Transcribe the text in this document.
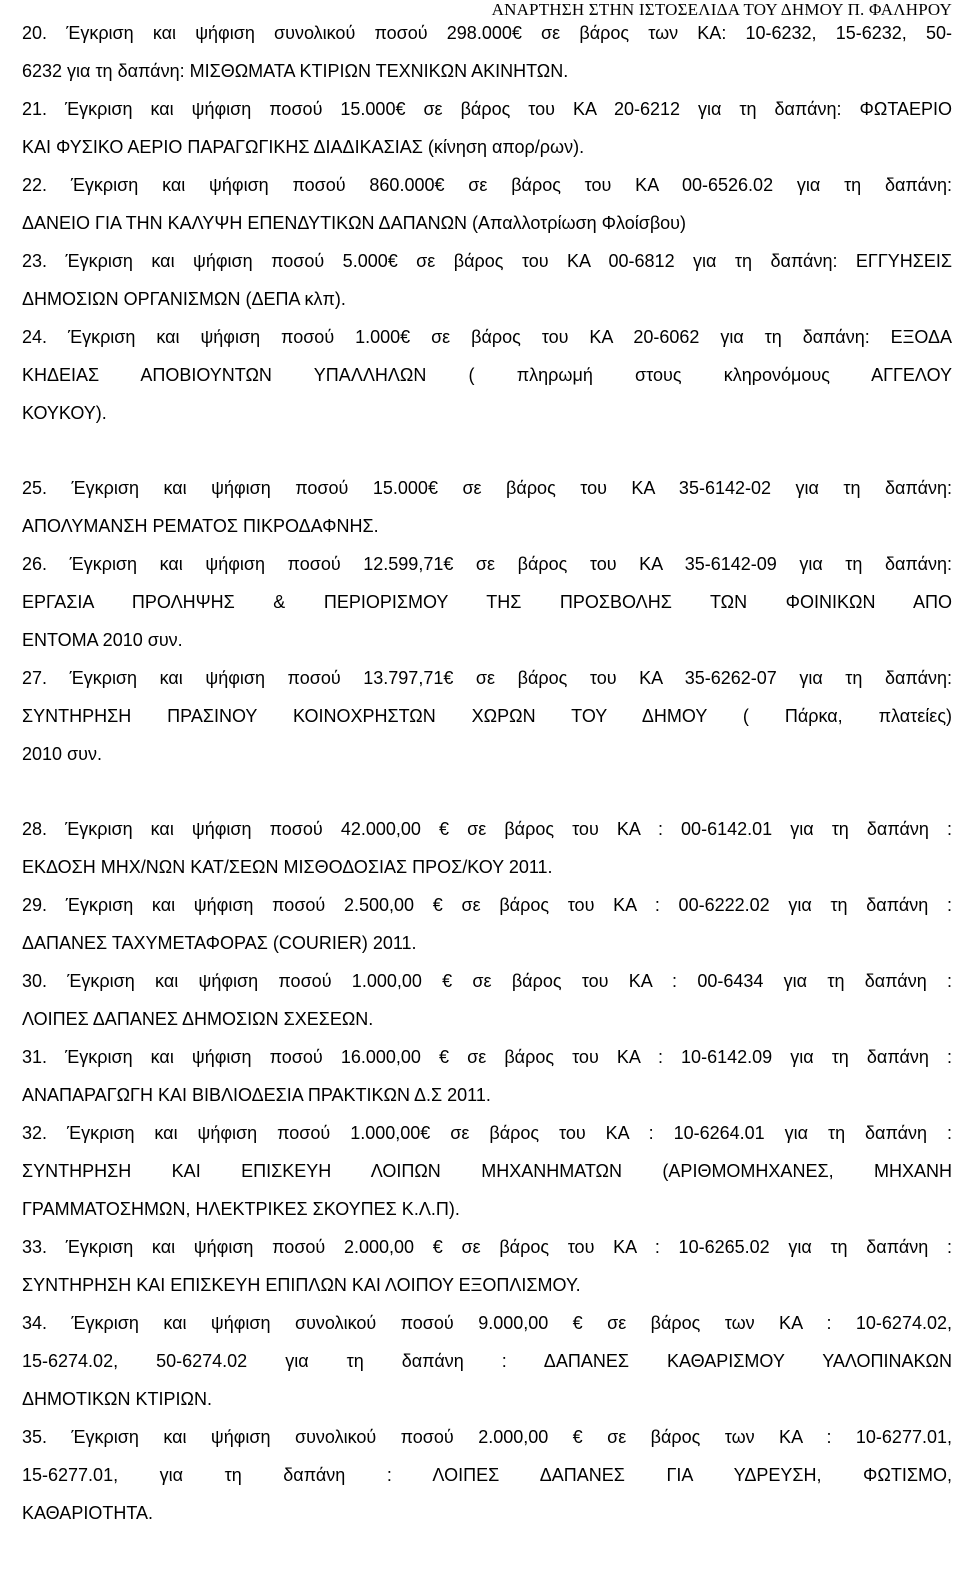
ΑΝΑΡΤΗΣΗ ΣΤΗΝ ΙΣΤΟΣΕΛΙΔΑ ΤΟΥ ΔΗΜΟΥ Π. ΦΑΛΗΡΟΥ
20. Έγκριση και ψήφιση συνολικού ποσού 298.000€ σε βάρος των ΚΑ: 10-6232, 15-6232, 50-
6232 για τη δαπάνη: ΜΙΣΘΩΜΑΤΑ ΚΤΙΡΙΩΝ ΤΕΧΝΙΚΩΝ ΑΚΙΝΗΤΩΝ.
21. Έγκριση και ψήφιση ποσού 15.000€ σε βάρος του ΚΑ 20-6212 για τη δαπάνη: ΦΩΤΑΕΡΙΟ
ΚΑΙ ΦΥΣΙΚΟ ΑΕΡΙΟ ΠΑΡΑΓΩΓΙΚΗΣ ΔΙΑΔΙΚΑΣΙΑΣ (κίνηση απορ/ρων).
22. Έγκριση και ψήφιση ποσού 860.000€ σε βάρος του ΚΑ 00-6526.02 για τη δαπάνη:
ΔΑΝΕΙΟ ΓΙΑ ΤΗΝ ΚΑΛΥΨΗ ΕΠΕΝΔΥΤΙΚΩΝ ΔΑΠΑΝΩΝ (Απαλλοτρίωση Φλοίσβου)
23. Έγκριση και ψήφιση ποσού 5.000€ σε βάρος του ΚΑ 00-6812 για τη δαπάνη: ΕΓΓΥΗΣΕΙΣ
ΔΗΜΟΣΙΩΝ ΟΡΓΑΝΙΣΜΩΝ (ΔΕΠΑ κλπ).
24. Έγκριση και ψήφιση ποσού 1.000€ σε βάρος του ΚΑ 20-6062 για τη δαπάνη: ΕΞΟΔΑ
ΚΗΔΕΙΑΣ ΑΠΟΒΙΟΥΝΤΩΝ ΥΠΑΛΛΗΛΩΝ ( πληρωμή στους κληρονόμους ΑΓΓΕΛΟΥ
ΚΟΥΚΟΥ).
25. Έγκριση και ψήφιση ποσού 15.000€ σε βάρος του ΚΑ 35-6142-02 για τη δαπάνη:
ΑΠΟΛΥΜΑΝΣΗ ΡΕΜΑΤΟΣ ΠΙΚΡΟΔΑΦΝΗΣ.
26. Έγκριση και ψήφιση ποσού 12.599,71€ σε βάρος του ΚΑ 35-6142-09 για τη δαπάνη:
ΕΡΓΑΣΙΑ ΠΡΟΛΗΨΗΣ & ΠΕΡΙΟΡΙΣΜΟΥ ΤΗΣ ΠΡΟΣΒΟΛΗΣ ΤΩΝ ΦΟΙΝΙΚΩΝ ΑΠΟ
ΕΝΤΟΜΑ 2010 συν.
27. Έγκριση και ψήφιση ποσού 13.797,71€ σε βάρος του ΚΑ 35-6262-07 για τη δαπάνη:
ΣΥΝΤΗΡΗΣΗ ΠΡΑΣΙΝΟΥ ΚΟΙΝΟΧΡΗΣΤΩΝ ΧΩΡΩΝ ΤΟΥ ΔΗΜΟΥ ( Πάρκα, πλατείες)
2010 συν.
28. Έγκριση και ψήφιση ποσού 42.000,00 € σε βάρος του ΚΑ : 00-6142.01 για τη δαπάνη :
ΕΚΔΟΣΗ ΜΗΧ/ΝΩΝ ΚΑΤ/ΣΕΩΝ ΜΙΣΘΟΔΟΣΙΑΣ ΠΡΟΣ/ΚΟΥ 2011.
29. Έγκριση και ψήφιση ποσού 2.500,00 € σε βάρος του ΚΑ : 00-6222.02 για τη δαπάνη :
ΔΑΠΑΝΕΣ ΤΑΧΥΜΕΤΑΦΟΡΑΣ (COURIER) 2011.
30. Έγκριση και ψήφιση ποσού 1.000,00 € σε βάρος του ΚΑ : 00-6434 για τη δαπάνη :
ΛΟΙΠΕΣ ΔΑΠΑΝΕΣ ΔΗΜΟΣΙΩΝ ΣΧΕΣΕΩΝ.
31. Έγκριση και ψήφιση ποσού 16.000,00 € σε βάρος του ΚΑ : 10-6142.09 για τη δαπάνη :
ΑΝΑΠΑΡΑΓΩΓΗ ΚΑΙ ΒΙΒΛΙΟΔΕΣΙΑ ΠΡΑΚΤΙΚΩΝ Δ.Σ 2011.
32. Έγκριση και ψήφιση ποσού 1.000,00€ σε βάρος του ΚΑ : 10-6264.01 για τη δαπάνη :
ΣΥΝΤΗΡΗΣΗ ΚΑΙ ΕΠΙΣΚΕΥΗ ΛΟΙΠΩΝ ΜΗΧΑΝΗΜΑΤΩΝ (ΑΡΙΘΜΟΜΗΧΑΝΕΣ, ΜΗΧΑΝΗ
ΓΡΑΜΜΑΤΟΣΗΜΩΝ, ΗΛΕΚΤΡΙΚΕΣ ΣΚΟΥΠΕΣ Κ.Λ.Π).
33. Έγκριση και ψήφιση ποσού 2.000,00 € σε βάρος του ΚΑ : 10-6265.02 για τη δαπάνη :
ΣΥΝΤΗΡΗΣΗ ΚΑΙ ΕΠΙΣΚΕΥΗ ΕΠΙΠΛΩΝ ΚΑΙ ΛΟΙΠΟΥ ΕΞΟΠΛΙΣΜΟΥ.
34. Έγκριση και ψήφιση συνολικού ποσού 9.000,00 € σε βάρος των ΚΑ : 10-6274.02,
15-6274.02, 50-6274.02 για τη δαπάνη : ΔΑΠΑΝΕΣ ΚΑΘΑΡΙΣΜΟΥ ΥΑΛΟΠΙΝΑΚΩΝ
ΔΗΜΟΤΙΚΩΝ ΚΤΙΡΙΩΝ.
35. Έγκριση και ψήφιση συνολικού ποσού 2.000,00 € σε βάρος των ΚΑ : 10-6277.01,
15-6277.01, για τη δαπάνη : ΛΟΙΠΕΣ ΔΑΠΑΝΕΣ ΓΙΑ ΥΔΡΕΥΣΗ, ΦΩΤΙΣΜΟ,
ΚΑΘΑΡΙΟΤΗΤΑ.
